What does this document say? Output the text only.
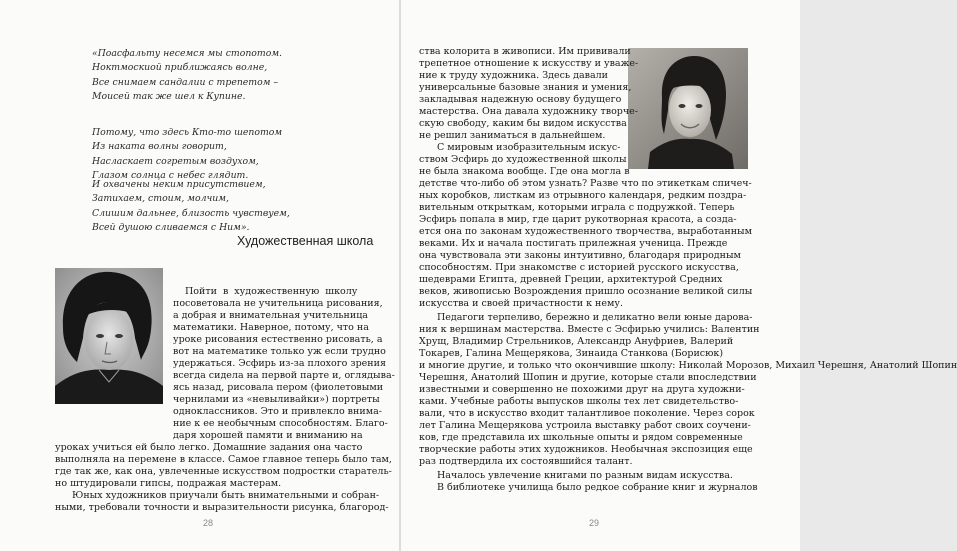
«Поасфальту несемся мы стопотом.
Ноктмоскиой приближаясь волне,
Все снимаем сандалии с трепетом –
Моисей так же шел к Купине.
Потому, что здесь Кто-то шепотом
Из наката волны говорит,
Насласкает согретым воздухом,
Глазом солнца с небес глядит.
И охвачены неким присутствием,
Затихаем, стоим, молчим,
Слишим дальнее, близость чувствуем,
Всей душою сливаемся с Ним».
Художественная школа
Пойти в художественную школу
посоветовала не учительница рисования,
а добрая и внимательная учительница
математики. Наверное, потому, что на
уроке рисования естественно рисовать, а
вот на математике только уж если трудно
удержаться. Эсфирь из-за плохого зрения
всегда сидела на первой парте и, оглядыва-
ясь назад, рисовала пером (фиолетовыми
чернилами из «невыливайки») портреты
одноклассников. Это и привлекло внима-
ние к ее необычным способностям. Благо-
даря хорошей памяти и вниманию на
уроках учиться ей было легко. Домашние задания она часто
выполняла на перемене в классе. Самое главное теперь было там,
где так же, как она, увлеченные искусством подростки старатель-
но штудировали гипсы, подражая мастерам.
Юных художников приучали быть внимательными и собран-
ными, требовали точности и выразительности рисунка, благород-
28
ства колорита в живописи. Им прививали
трепетное отношение к искусству и уваже-
ние к труду художника. Здесь давали
универсальные базовые знания и умения,
закладывая надежную основу будущего
мастерства. Она давала художнику творче-
скую свободу, каким бы видом искусства
не решил заниматься в дальнейшем.
С мировым изобразительным искус-
ством Эсфирь до художественной школы
не была знакома вообще. Где она могла в
детстве что-либо об этом узнать? Разве что по этикеткам спичеч-
ных коробков, листкам из отрывного календаря, редким поздра-
вительным открыткам, которыми играла с подружкой. Теперь
Эсфирь попала в мир, где царит рукотворная красота, а созда-
ется она по законам художественного творчества, выработанным
веками. Их и начала постигать прилежная ученица. Прежде
она чувствовала эти законы интуитивно, благодаря природным
способностям. При знакомстве с историей русского искусства,
шедеврами Египта, древней Греции, архитектурой Средних
веков, живописью Возрождения пришло осознание великой силы
искусства и своей причастности к нему.
Педагоги терпеливо, бережно и деликатно вели юные дарова-
ния к вершинам мастерства. Вместе с Эсфирью учились: Валентин
Хрущ, Владимир Стрельников, Александр Ануфриев, Валерий
Токарев, Галина Мещерякова, Зинаида Станкова (Борисюк)
и многие другие, и только что окончившие школу: Николай Морозов, Михаил Черешня, Анатолий Шопин
Черешня, Анатолий Шопин и другие, которые стали впоследствии
известными и совершенно не похожими друг на друга художни-
ками. Учебные работы выпусков школы тех лет свидетельство-
вали, что в искусство входит талантливое поколение. Через сорок
лет Галина Мещерякова устроила выставку работ своих соучени-
ков, где представила их школьные опыты и рядом современные
творческие работы этих художников. Необычная экспозиция еще
раз подтвердила их состоявшийся талант.
Началось увлечение книгами по разным видам искусства.
В библиотеке училища было редкое собрание книг и журналов
29
